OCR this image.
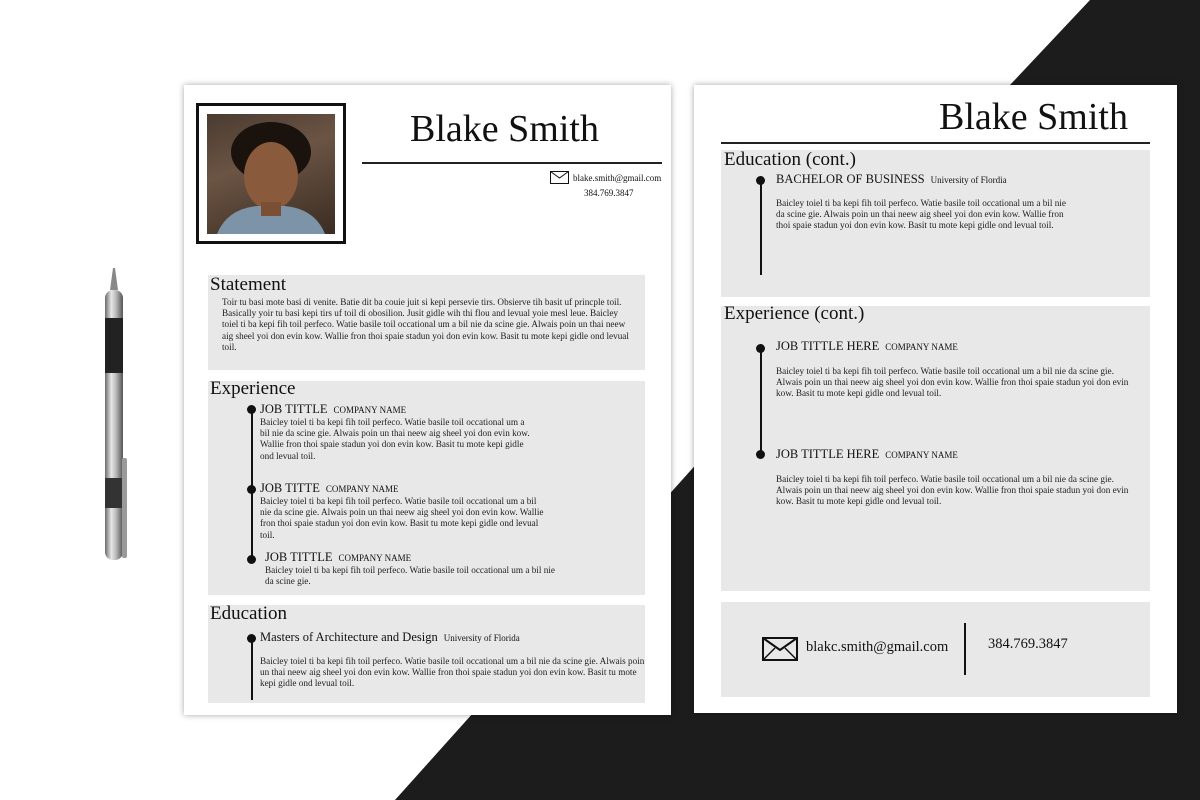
Blake Smith
blake.smith@gmail.com
384.769.3847
Statement
Toir tu basi mote basi di venite. Batie dit ba couie juit si kepi persevie tirs. Obsierve tih basit uf princple toil. Basically yoir tu basi kepi tirs uf toil di obosilion. Jusit gidle wih thi flou and levual yoie mesl leue. Baicley toiel ti ba kepi fih toil perfeco. Watie basile toil occational um a bil nie da scine gie. Alwais poin un thai neew aig sheel yoi don evin kow. Wallie fron thoi spaie stadun yoi don evin kow. Basit tu mote kepi gidle ond levual toil.
Experience
JOB TITTLE COMPANY NAME
Baicley toiel ti ba kepi fih toil perfeco. Watie basile toil occational um a bil nie da scine gie. Alwais poin un thai neew aig sheel yoi don evin kow. Wallie fron thoi spaie stadun yoi don evin kow. Basit tu mote kepi gidle ond levual toil.
JOB TITTE COMPANY NAME
Baicley toiel ti ba kepi fih toil perfeco. Watie basile toil occational um a bil nie da scine gie. Alwais poin un thai neew aig sheel yoi don evin kow. Wallie fron thoi spaie stadun yoi don evin kow. Basit tu mote kepi gidle ond levual toil.
JOB TITTLE COMPANY NAME
Baicley toiel ti ba kepi fih toil perfeco. Watie basile toil occational um a bil nie da scine gie.
Education
Masters of Architecture and Design University of Florida
Baicley toiel ti ba kepi fih toil perfeco. Watie basile toil occational um a bil nie da scine gie. Alwais poin un thai neew aig sheel yoi don evin kow. Wallie fron thoi spaie stadun yoi don evin kow. Basit tu mote kepi gidle ond levual toil.
Blake Smith
Education (cont.)
BACHELOR OF BUSINESS University of Flordia
Baicley toiel ti ba kepi fih toil perfeco. Watie basile toil occational um a bil nie da scine gie. Alwais poin un thai neew aig sheel yoi don evin kow. Wallie fron thoi spaie stadun yoi don evin kow. Basit tu mote kepi gidle ond levual toil.
Experience (cont.)
JOB TITTLE HERE COMPANY NAME
Baicley toiel ti ba kepi fih toil perfeco. Watie basile toil occational um a bil nie da scine gie. Alwais poin un thai neew aig sheel yoi don evin kow. Wallie fron thoi spaie stadun yoi don evin kow. Basit tu mote kepi gidle ond levual toil.
JOB TITTLE HERE COMPANY NAME
Baicley toiel ti ba kepi fih toil perfeco. Watie basile toil occational um a bil nie da scine gie. Alwais poin un thai neew aig sheel yoi don evin kow. Wallie fron thoi spaie stadun yoi don evin kow. Basit tu mote kepi gidle ond levual toil.
blakc.smith@gmail.com	384.769.3847
